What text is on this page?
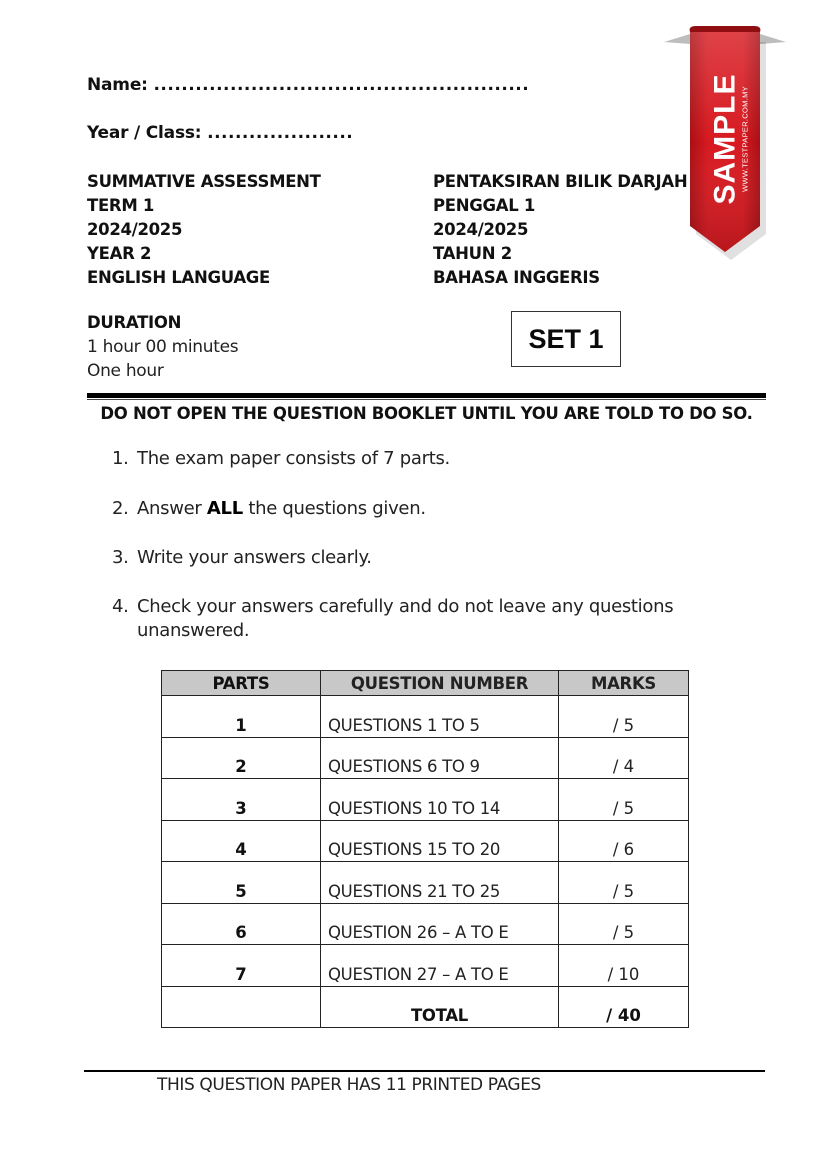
Name: ......................................................
Year / Class: .....................
SUMMATIVE ASSESSMENT
TERM 1
2024/2025
YEAR 2
ENGLISH LANGUAGE
PENTAKSIRAN BILIK DARJAH
PENGGAL 1
2024/2025
TAHUN 2
BAHASA INGGERIS
DURATION
1 hour 00 minutes
One hour
SET 1
DO NOT OPEN THE QUESTION BOOKLET UNTIL YOU ARE TOLD TO DO SO.
1. The exam paper consists of 7 parts.
2. Answer ALL the questions given.
3. Write your answers clearly.
4. Check your answers carefully and do not leave any questions
unanswered.
PARTS	QUESTION NUMBER	MARKS
1	QUESTIONS 1 TO 5	/ 5
2	QUESTIONS 6 TO 9	/ 4
3	QUESTIONS 10 TO 14	/ 5
4	QUESTIONS 15 TO 20	/ 6
5	QUESTIONS 21 TO 25	/ 5
6	QUESTION 26 – A TO E	/ 5
7	QUESTION 27 – A TO E	/ 10
	TOTAL	/ 40
THIS QUESTION PAPER HAS 11 PRINTED PAGES
SAMPLE WWW.TESTPAPER.COM.MY
